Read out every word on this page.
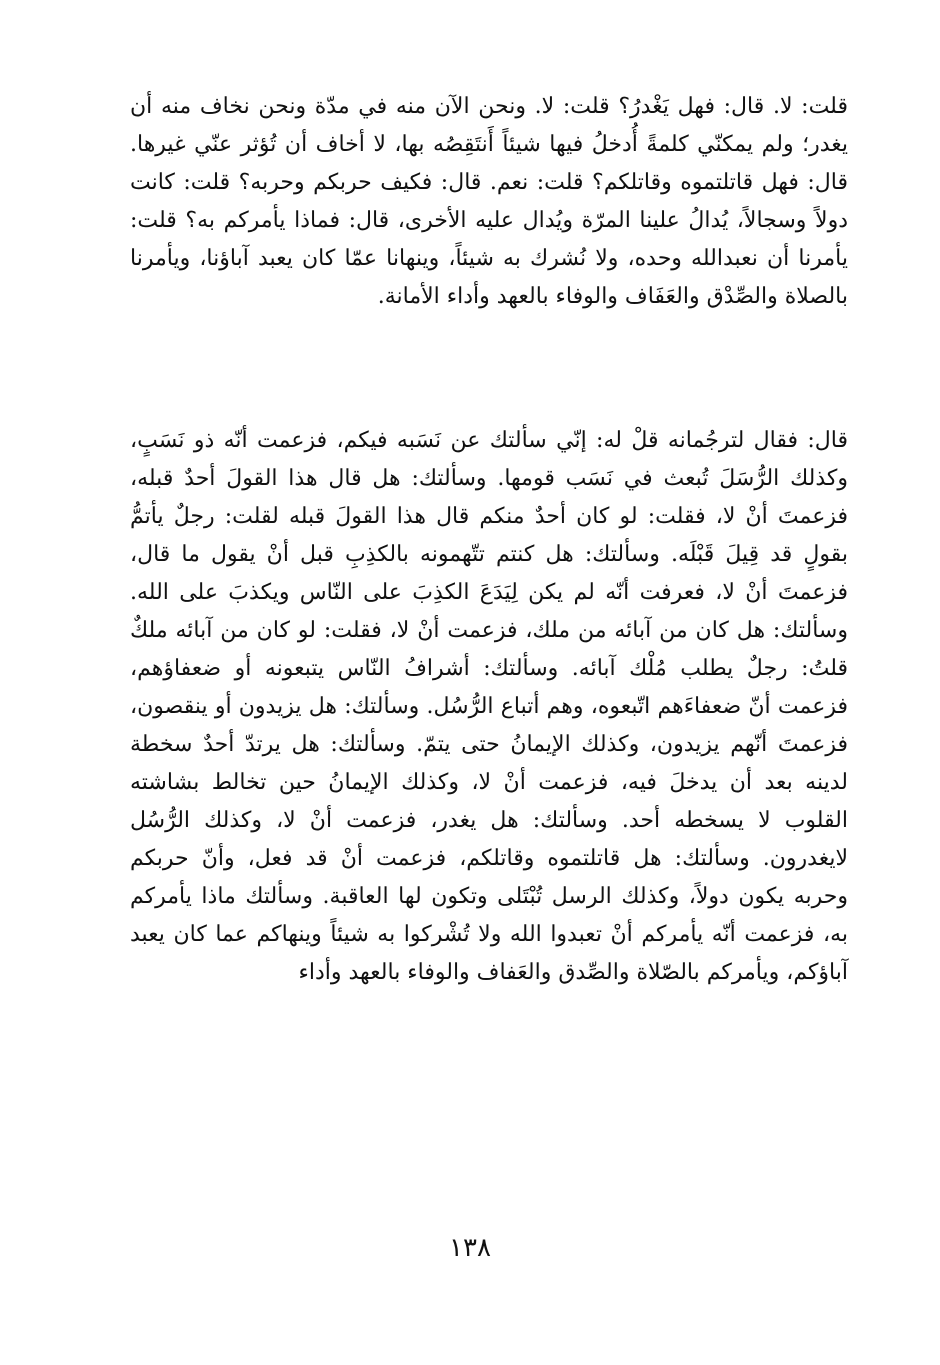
قلت: لا. قال: فهل يَغْدرُ؟ قلت: لا. ونحن الآن منه في مدّة ونحن نخاف منه أن يغدر؛ ولم يمكنّي كلمةً أُدخلُ فيها شيئاً أَنتَقِصُه بها، لا أخاف أن تُؤثر عنّي غيرها. قال: فهل قاتلتموه وقاتلكم؟ قلت: نعم. قال: فكيف حربكم وحربه؟ قلت: كانت دولاً وسجالاً، يُدالُ علينا المرّة ويُدال عليه الأخرى، قال: فماذا يأمركم به؟ قلت: يأمرنا أن نعبدالله وحده، ولا نُشرك به شيئاً، وينهانا عمّا كان يعبد آباؤنا، ويأمرنا بالصلاة والصِّدْق والعَفَاف والوفاء بالعهد وأداء الأمانة.

قال: فقال لترجُمانه قلْ له: إنّي سألتك عن نَسَبه فيكم، فزعمت أنّه ذو نَسَبٍ، وكذلك الرُّسَلَ تُبعث في نَسَب قومها. وسألتك: هل قال هذا القولَ أحدٌ قبله، فزعمتَ أنْ لا، فقلت: لو كان أحدٌ منكم قال هذا القولَ قبله لقلت: رجلٌ يأتمُّ بقولٍ قد قِيلَ قَبْلَه. وسألتك: هل كنتم تتّهمونه بالكذِبِ قبل أنْ يقول ما قال، فزعمتَ أنْ لا، فعرفت أنّه لم يكن لِيَدَعَ الكذِبَ على النّاس ويكذبَ على الله. وسألتك: هل كان من آبائه من ملك، فزعمت أنْ لا، فقلت: لو كان من آبائه ملكٌ قلتُ: رجلٌ يطلب مُلْك آبائه. وسألتك: أشرافُ النّاس يتبعونه أو ضعفاؤهم، فزعمت أنّ ضعفاءَهم اتّبعوه، وهم أتباع الرُّسُل. وسألتك: هل يزيدون أو ينقصون، فزعمتَ أنّهم يزيدون، وكذلك الإيمانُ حتى يتمّ. وسألتك: هل يرتدّ أحدٌ سخطة لدينه بعد أن يدخلَ فيه، فزعمت أنْ لا، وكذلك الإيمانُ حين تخالط بشاشته القلوب لا يسخطه أحد. وسألتك: هل يغدر، فزعمت أنْ لا، وكذلك الرُّسُل لايغدرون. وسألتك: هل قاتلتموه وقاتلكم، فزعمت أنْ قد فعل، وأنّ حربكم وحربه يكون دولاً، وكذلك الرسل تُبْتَلى وتكون لها العاقبة. وسألتك ماذا يأمركم به، فزعمت أنّه يأمركم أنْ تعبدوا الله ولا تُشْركوا به شيئاً وينهاكم عما كان يعبد آباؤكم، ويأمركم بالصّلاة والصِّدق والعَفاف والوفاء بالعهد وأداء

١٣٨
